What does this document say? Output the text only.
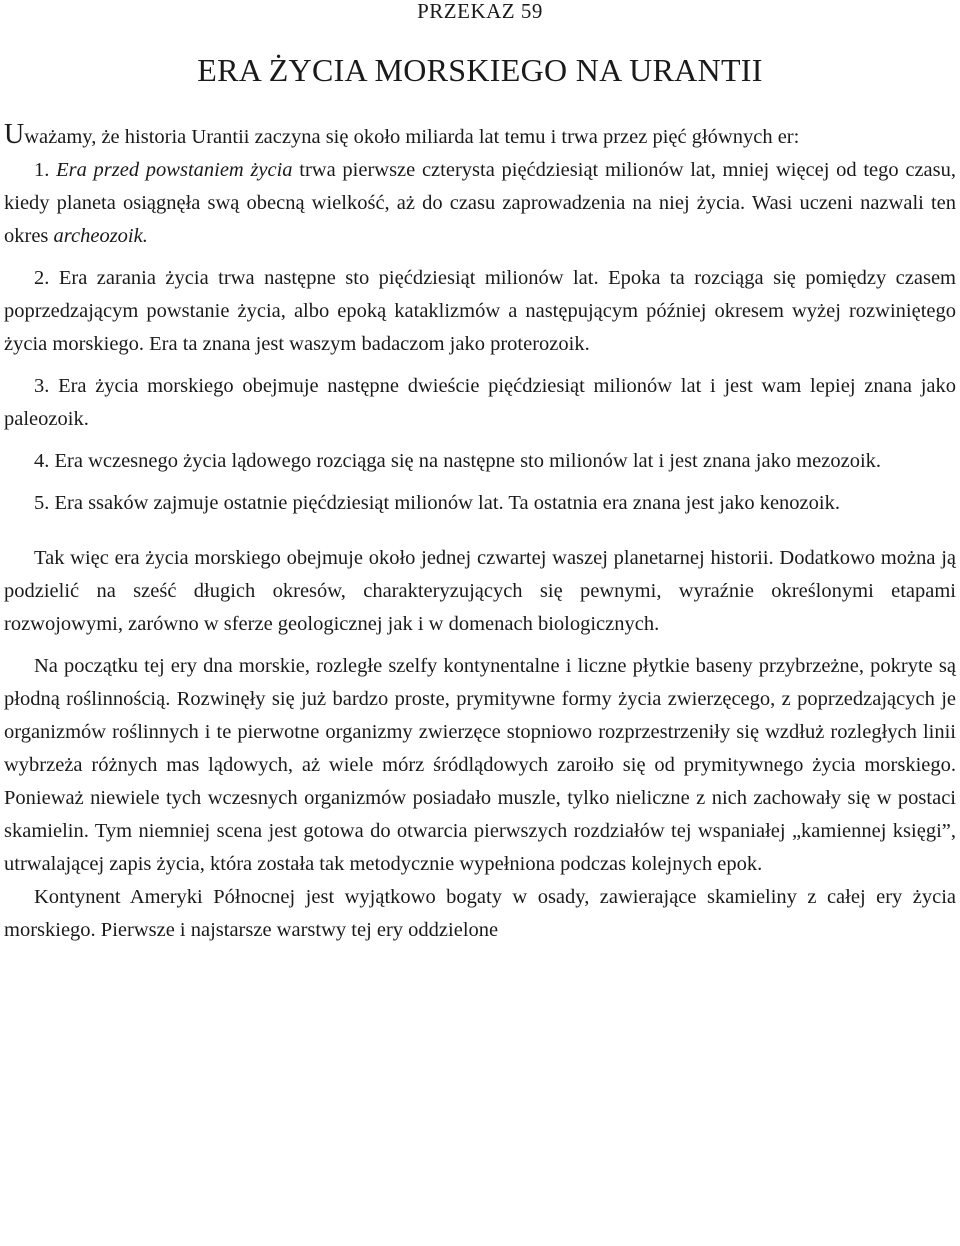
PRZEKAZ 59

ERA ŻYCIA MORSKIEGO NA URANTII

Uważamy, że historia Urantii zaczyna się około miliarda lat temu i trwa przez pięć głównych er:

1. Era przed powstaniem życia trwa pierwsze czterysta pięćdziesiąt milionów lat, mniej więcej od tego czasu, kiedy planeta osiągnęła swą obecną wielkość, aż do czasu zaprowadzenia na niej życia. Wasi uczeni nazwali ten okres archeozoik.

2. Era zarania życia trwa następne sto pięćdziesiąt milionów lat. Epoka ta rozciąga się pomiędzy czasem poprzedzającym powstanie życia, albo epoką kataklizmów a następującym później okresem wyżej rozwiniętego życia morskiego. Era ta znana jest waszym badaczom jako proterozoik.

3. Era życia morskiego obejmuje następne dwieście pięćdziesiąt milionów lat i jest wam lepiej znana jako paleozoik.

4. Era wczesnego życia lądowego rozciąga się na następne sto milionów lat i jest znana jako mezozoik.

5. Era ssaków zajmuje ostatnie pięćdziesiąt milionów lat. Ta ostatnia era znana jest jako kenozoik.

Tak więc era życia morskiego obejmuje około jednej czwartej waszej planetarnej historii. Dodatkowo można ją podzielić na sześć długich okresów, charakteryzujących się pewnymi, wyraźnie określonymi etapami rozwojowymi, zarówno w sferze geologicznej jak i w domenach biologicznych.

Na początku tej ery dna morskie, rozległe szelfy kontynentalne i liczne płytkie baseny przybrzeżne, pokryte są płodną roślinnością. Rozwinęły się już bardzo proste, prymitywne formy życia zwierzęcego, z poprzedzających je organizmów roślinnych i te pierwotne organizmy zwierzęce stopniowo rozprzestrzeniły się wzdłuż rozległych linii wybrzeża różnych mas lądowych, aż wiele mórz śródlądowych zaroiło się od prymitywnego życia morskiego. Ponieważ niewiele tych wczesnych organizmów posiadało muszle, tylko nieliczne z nich zachowały się w postaci skamielin. Tym niemniej scena jest gotowa do otwarcia pierwszych rozdziałów tej wspaniałej „kamiennej księgi”, utrwalającej zapis życia, która została tak metodycznie wypełniona podczas kolejnych epok.

Kontynent Ameryki Północnej jest wyjątkowo bogaty w osady, zawierające skamieliny z całej ery życia morskiego. Pierwsze i najstarsze warstwy tej ery oddzielone
